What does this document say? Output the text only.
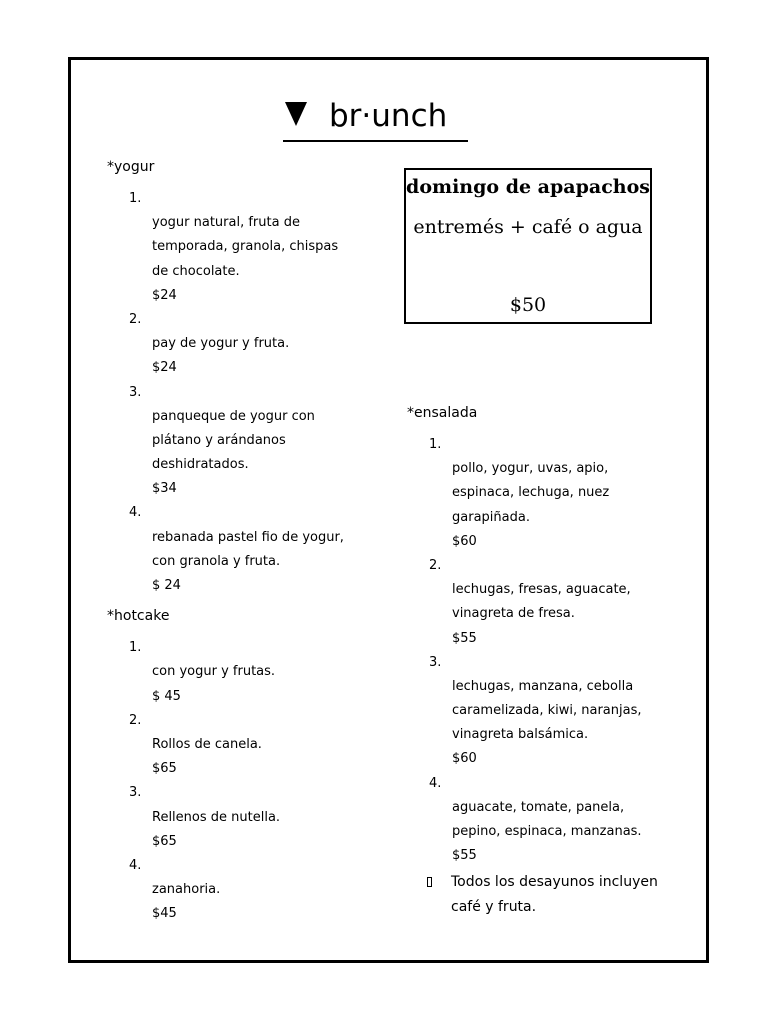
br·unch
*yogur
1.
yogur natural, fruta de
temporada, granola, chispas
de chocolate.
$24
2.
pay de yogur y fruta.
$24
3.
panqueque de yogur con
plátano y arándanos
deshidratados.
$34
4.
rebanada pastel fio de yogur,
con granola y fruta.
$ 24
*hotcake
1.
con yogur y frutas.
$ 45
2.
Rollos de canela.
$65
3.
Rellenos de nutella.
$65
4.
zanahoria.
$45
domingo de apapachos
entremés + café o agua
$50
*ensalada
1.
pollo, yogur, uvas, apio,
espinaca, lechuga, nuez
garapiñada.
$60
2.
lechugas, fresas, aguacate,
vinagreta de fresa.
$55
3.
lechugas, manzana, cebolla
caramelizada, kiwi, naranjas,
vinagreta balsámica.
$60
4.
aguacate, tomate, panela,
pepino, espinaca, manzanas.
$55
Todos los desayunos incluyen café y fruta.
